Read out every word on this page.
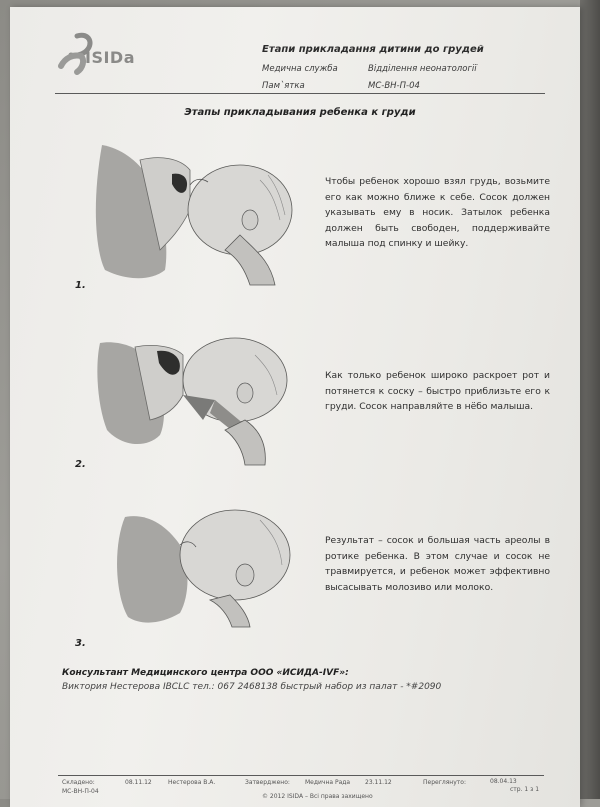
ISIDa	Етапи прикладання дитини до грудей
Медична служба	Відділення неонатології
Пам`ятка	МС-ВН-П-04
Этапы прикладывания ребенка к груди
1.
Чтобы ребенок хорошо взял грудь, возьмите его как можно ближе к себе. Сосок должен указывать ему в носик. Затылок ребенка должен быть свободен, поддерживайте малыша под спинку и шейку.
2.
Как только ребенок широко раскроет рот и потянется к соску – быстро приблизьте его к груди. Сосок направляйте в нёбо малыша.
3.
Результат – сосок и большая часть ареолы в ротике ребенка. В этом случае и сосок не травмируется, и ребенок может эффективно высасывать молозиво или молоко.
Консультант Медицинского центра ООО «ИСИДА-IVF»:
Виктория Нестерова IBCLC тел.: 067 2468138 быстрый набор из палат - *#2090
Складено:
МС-ВН-П-04
08.11.12	Нестерова В.А.	Затверджено:	Медична Рада 23.11.12	Переглянуто:	08.04.13
стр. 1 з 1
© 2012 ISIDA – Всі права захищено
